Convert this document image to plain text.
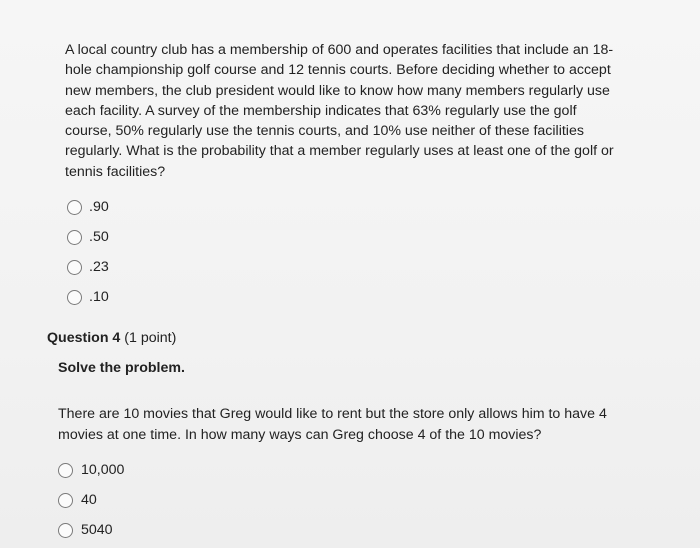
A local country club has a membership of 600 and operates facilities that include an 18-hole championship golf course and 12 tennis courts. Before deciding whether to accept new members, the club president would like to know how many members regularly use each facility. A survey of the membership indicates that 63% regularly use the golf course, 50% regularly use the tennis courts, and 10% use neither of these facilities regularly. What is the probability that a member regularly uses at least one of the golf or tennis facilities?
.90
.50
.23
.10
Question 4 (1 point)
Solve the problem.
There are 10 movies that Greg would like to rent but the store only allows him to have 4 movies at one time. In how many ways can Greg choose 4 of the 10 movies?
10,000
40
5040
